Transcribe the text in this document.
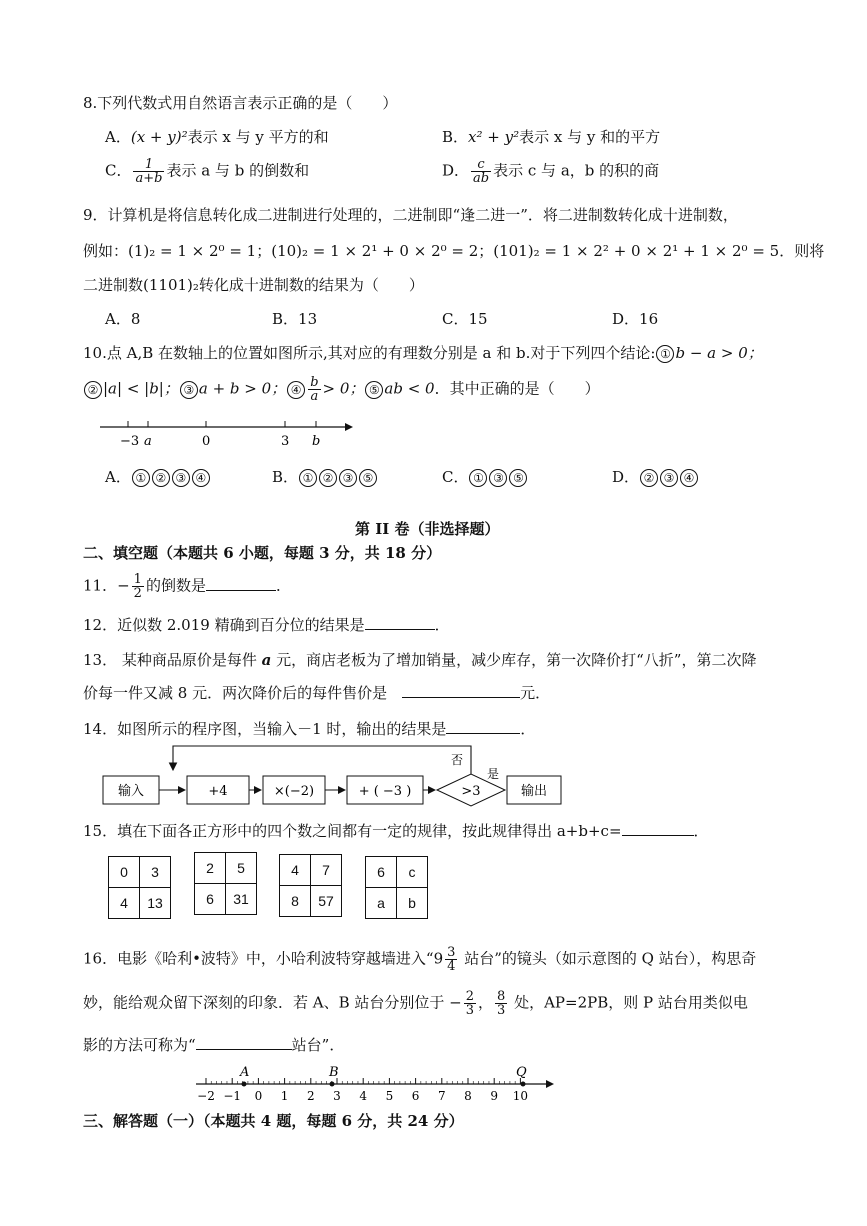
8.下列代数式用自然语言表示正确的是（　　）
A．(x + y)²表示 x 与 y 平方的和	B．x² + y²表示 x 与 y 和的平方
C． $\frac{1}{a+b}$ 表示 a 与 b 的倒数和	D． $\frac{c}{ab}$ 表示 c 与 a，b 的积的商
9．计算机是将信息转化成二进制进行处理的，二进制即“逢二进一”．将二进制数转化成十进制数，
例如：(1)₂ = 1 × 2⁰ = 1；(10)₂ = 1 × 2¹ + 0 × 2⁰ = 2；(101)₂ = 1 × 2² + 0 × 2¹ + 1 × 2⁰ = 5．则将
二进制数(1101)₂转化成十进制数的结果为（　　）
A．8	B．13	C．15	D．16
10.点 A,B 在数轴上的位置如图所示,其对应的有理数分别是 a 和 b.对于下列四个结论: ① b − a > 0；
② |a| < |b|； ③ a + b > 0； ④ $\frac{b}{a} > 0$； ⑤ ab < 0．其中正确的是（　　）
−3 a	0	3 b
A． ① ② ③ ④	B． ① ② ③ ⑤	C． ① ③ ⑤	D． ② ③ ④
第 II 卷（非选择题）
二、填空题（本题共 6 小题，每题 3 分，共 18 分）
11．− $\frac{1}{2}$ 的倒数是	．
12．近似数 2.019 精确到百分位的结果是	．
13． 某种商品原价是每件 a 元，商店老板为了增加销量，减少库存，第一次降价打“八折”，第二次降
价每一件又减 8 元．两次降价后的每件售价是　	元．
14．如图所示的程序图，当输入－1 时，输出的结果是	．
输入	+4	×(−2)	+ ( −3 )	>3
否
是
输出
15．填在下面各正方形中的四个数之间都有一定的规律，按此规律得出 a+b+c=	．
0	3
4	13
2	5
6	31
4	7
8	57
6	c
a	b
16．电影《哈利•波特》中，小哈利波特穿越墙进入“$9 \frac{3}{4}$ 站台”的镜头（如示意图的 Q 站台），构思奇
妙，能给观众留下深刻的印象．若 A、B 站台分别位于 − $\frac{2}{3}$ ， $\frac{8}{3}$ 处，AP=2PB，则 P 站台用类似电
影的方法可称为“	站台”．
−2 −1 0 1 2 3 4 5 6 7 8 9 10
A	B	Q
三、解答题（一）（本题共 4 题，每题 6 分，共 24 分）
